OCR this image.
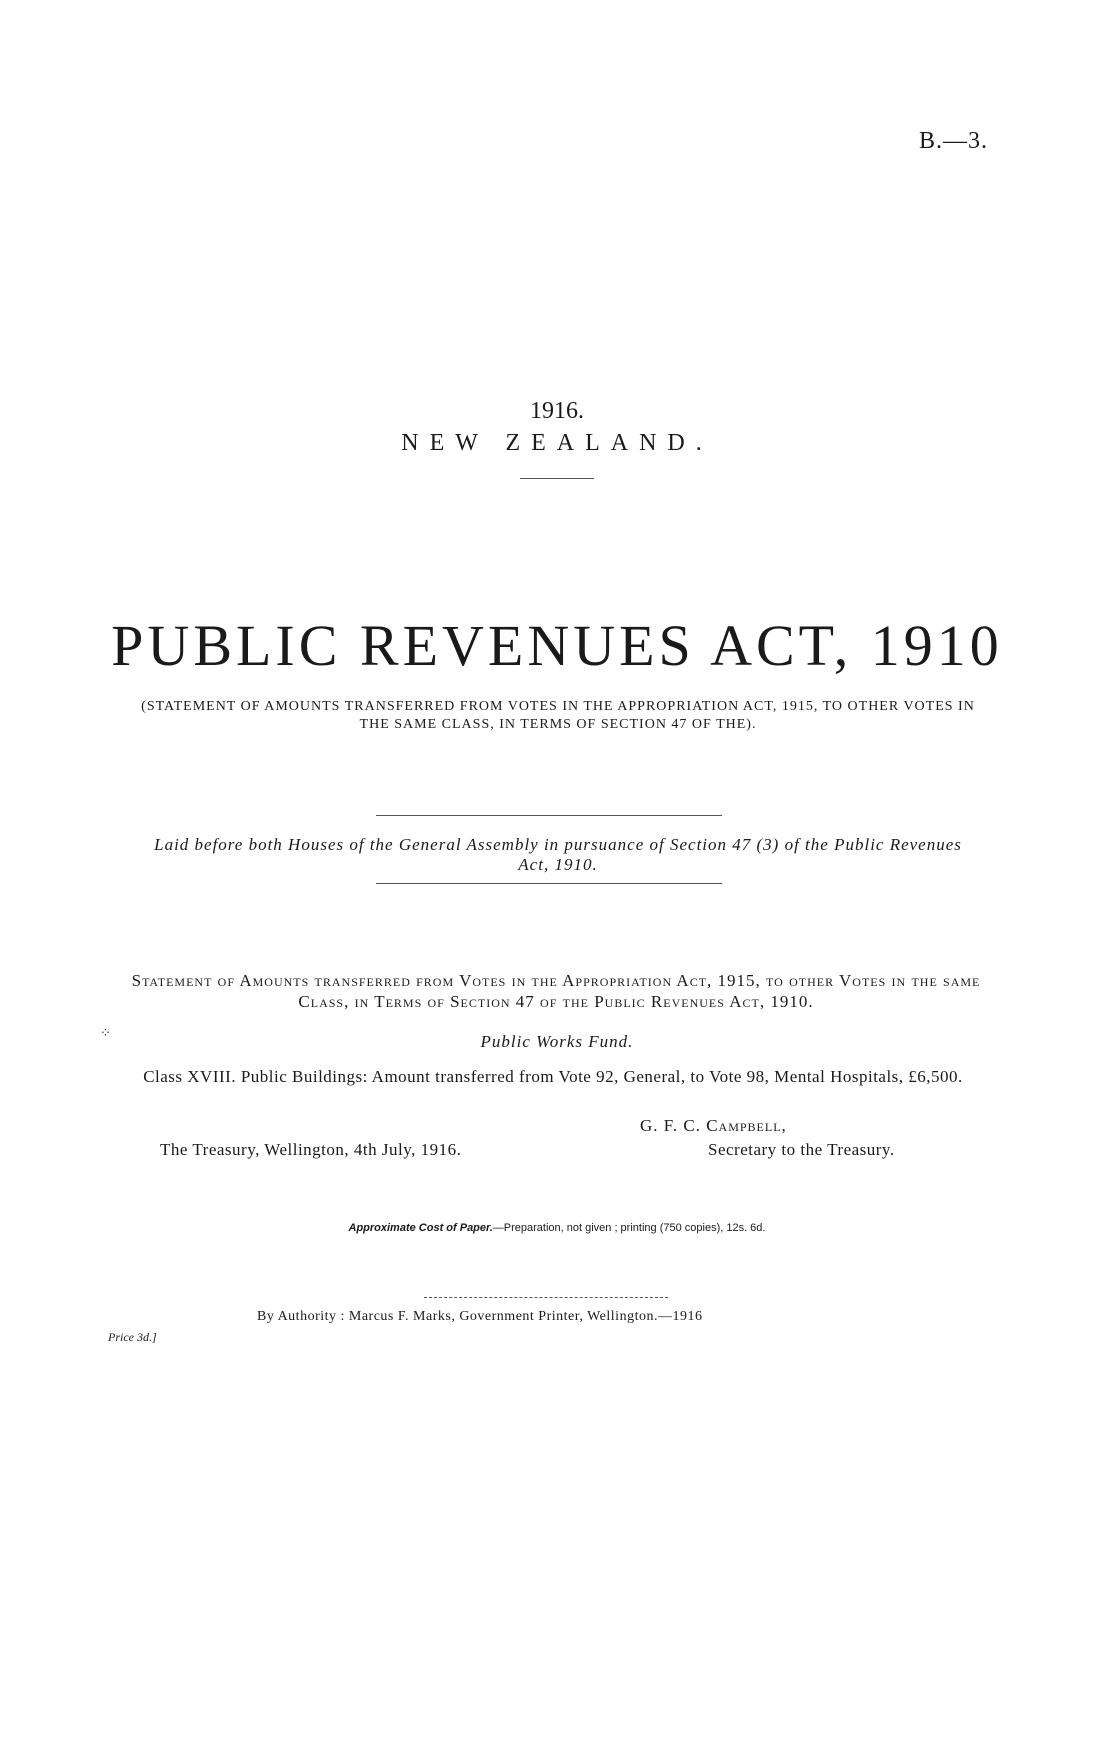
B.—3.
1916.
NEW ZEALAND.
PUBLIC REVENUES ACT, 1910
(STATEMENT OF AMOUNTS TRANSFERRED FROM VOTES IN THE APPROPRIATION ACT, 1915, TO OTHER VOTES IN THE SAME CLASS, IN TERMS OF SECTION 47 OF THE).
Laid before both Houses of the General Assembly in pursuance of Section 47 (3) of the Public Revenues Act, 1910.
⁘
Statement of Amounts transferred from Votes in the Appropriation Act, 1915, to other Votes in the same Class, in Terms of Section 47 of the Public Revenues Act, 1910.
Public Works Fund.
Class XVIII. Public Buildings: Amount transferred from Vote 92, General, to Vote 98, Mental Hospitals, £6,500.
G. F. C. Campbell,
The Treasury, Wellington, 4th July, 1916.	Secretary to the Treasury.
Approximate Cost of Paper.—Preparation, not given ; printing (750 copies), 12s. 6d.
By Authority : Marcus F. Marks, Government Printer, Wellington.—1916
Price 3d.]
